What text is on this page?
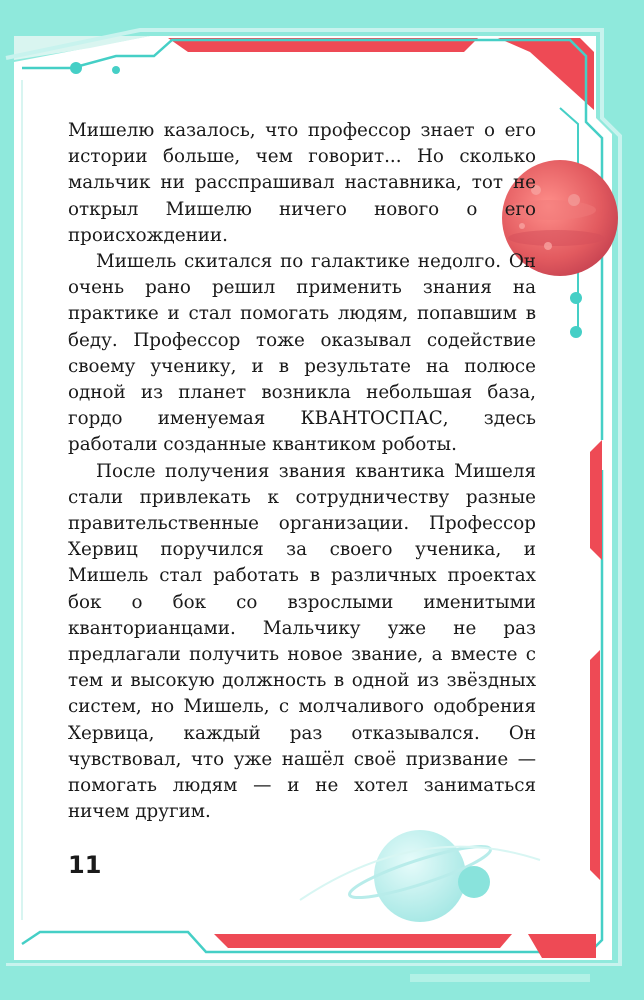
Мишелю казалось, что профессор знает о его истории больше, чем говорит... Но сколько мальчик ни расспрашивал наставника, тот не открыл Мишелю ничего нового о его происхождении.

Мишель скитался по галактике недолго. Он очень рано решил применить знания на практике и стал помогать людям, попавшим в беду. Профессор тоже оказывал содействие своему ученику, и в результате на полюсе одной из планет возникла небольшая база, гордо именуемая КВАНТОСПАС, здесь работали созданные квантиком роботы.

После получения звания квантика Мишеля стали привлекать к сотрудничеству разные правительственные организации. Профессор Хервиц поручился за своего ученика, и Мишель стал работать в различных проектах бок о бок со взрослыми именитыми кванторианцами. Мальчику уже не раз предлагали получить новое звание, а вместе с тем и высокую должность в одной из звёздных систем, но Мишель, с молчаливого одобрения Хервица, каждый раз отказывался. Он чувствовал, что уже нашёл своё призвание — помогать людям — и не хотел заниматься ничем другим.

11
